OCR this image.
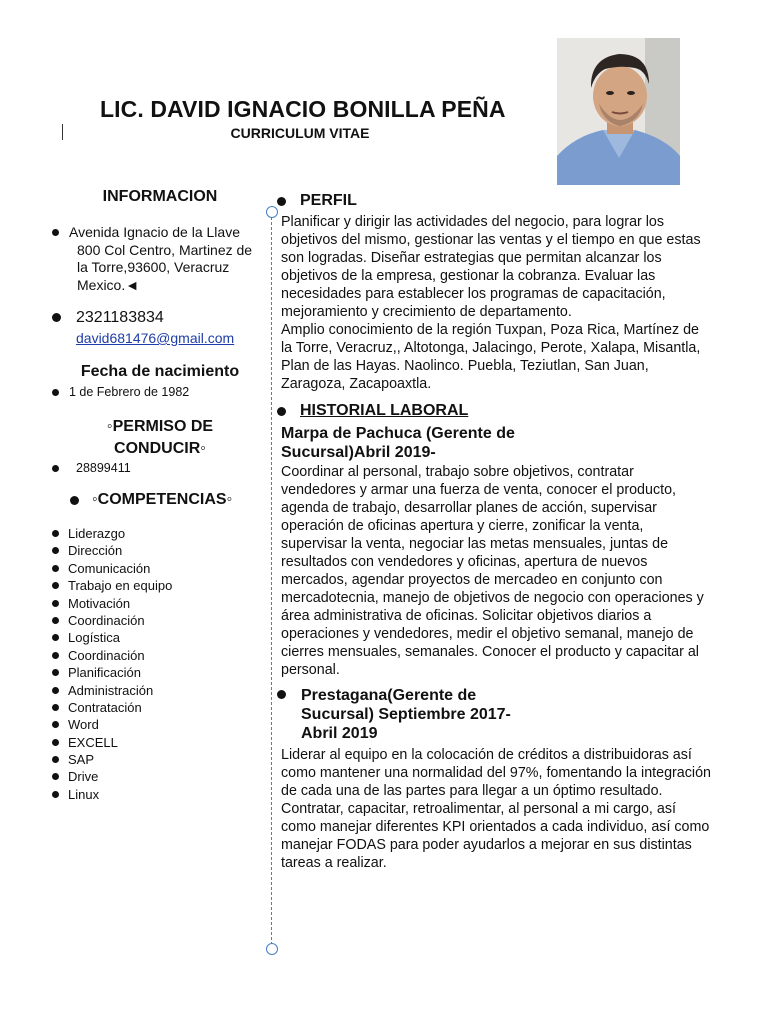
LIC. DAVID IGNACIO BONILLA PEÑA
CURRICULUM VITAE
INFORMACION
Avenida Ignacio de la Llave
800 Col Centro, Martinez de la Torre,93600, Veracruz Mexico.◄
2321183834
david681476@gmail.com
Fecha de nacimiento
1 de Febrero de 1982
◦PERMISO DE CONDUCIR◦
28899411
◦COMPETENCIAS◦
Liderazgo
Dirección
Comunicación
Trabajo en equipo
Motivación
Coordinación
Logística
Coordinación
Planificación
Administración
Contratación
Word
EXCELL
SAP
Drive
Linux
PERFIL
Planificar y dirigir las actividades del negocio, para lograr los objetivos del mismo, gestionar las ventas y el tiempo en que estas son logradas. Diseñar estrategias que permitan alcanzar los objetivos de la empresa, gestionar la cobranza. Evaluar las necesidades para establecer los programas de capacitación, mejoramiento y crecimiento de departamento.
Amplio conocimiento de la región Tuxpan, Poza Rica, Martínez de la Torre, Veracruz,, Altotonga, Jalacingo, Perote, Xalapa, Misantla, Plan de las Hayas. Naolinco. Puebla, Teziutlan, San Juan, Zaragoza, Zacapoaxtla.
HISTORIAL LABORAL
Marpa de Pachuca (Gerente de Sucursal)Abril 2019-
Coordinar al personal, trabajo sobre objetivos, contratar vendedores y armar una fuerza de venta, conocer el producto, agenda de trabajo, desarrollar planes de acción, supervisar operación de oficinas apertura y cierre, zonificar la venta, supervisar la venta, negociar las metas mensuales, juntas de resultados con vendedores y oficinas, apertura de nuevos mercados, agendar proyectos de mercadeo en conjunto con mercadotecnia, manejo de objetivos de negocio con operaciones y área administrativa de oficinas. Solicitar objetivos diarios a operaciones y vendedores, medir el objetivo semanal, manejo de cierres mensuales, semanales. Conocer el producto y capacitar al personal.
Prestagana(Gerente de Sucursal) Septiembre 2017- Abril 2019
Liderar al equipo en la colocación de créditos a distribuidoras así como mantener una normalidad del 97%, fomentando la integración de cada una de las partes para llegar a un óptimo resultado. Contratar, capacitar, retroalimentar, al personal a mi cargo, así como manejar diferentes KPI orientados a cada individuo, así como manejar FODAS para poder ayudarlos a mejorar en sus distintas tareas a realizar.
